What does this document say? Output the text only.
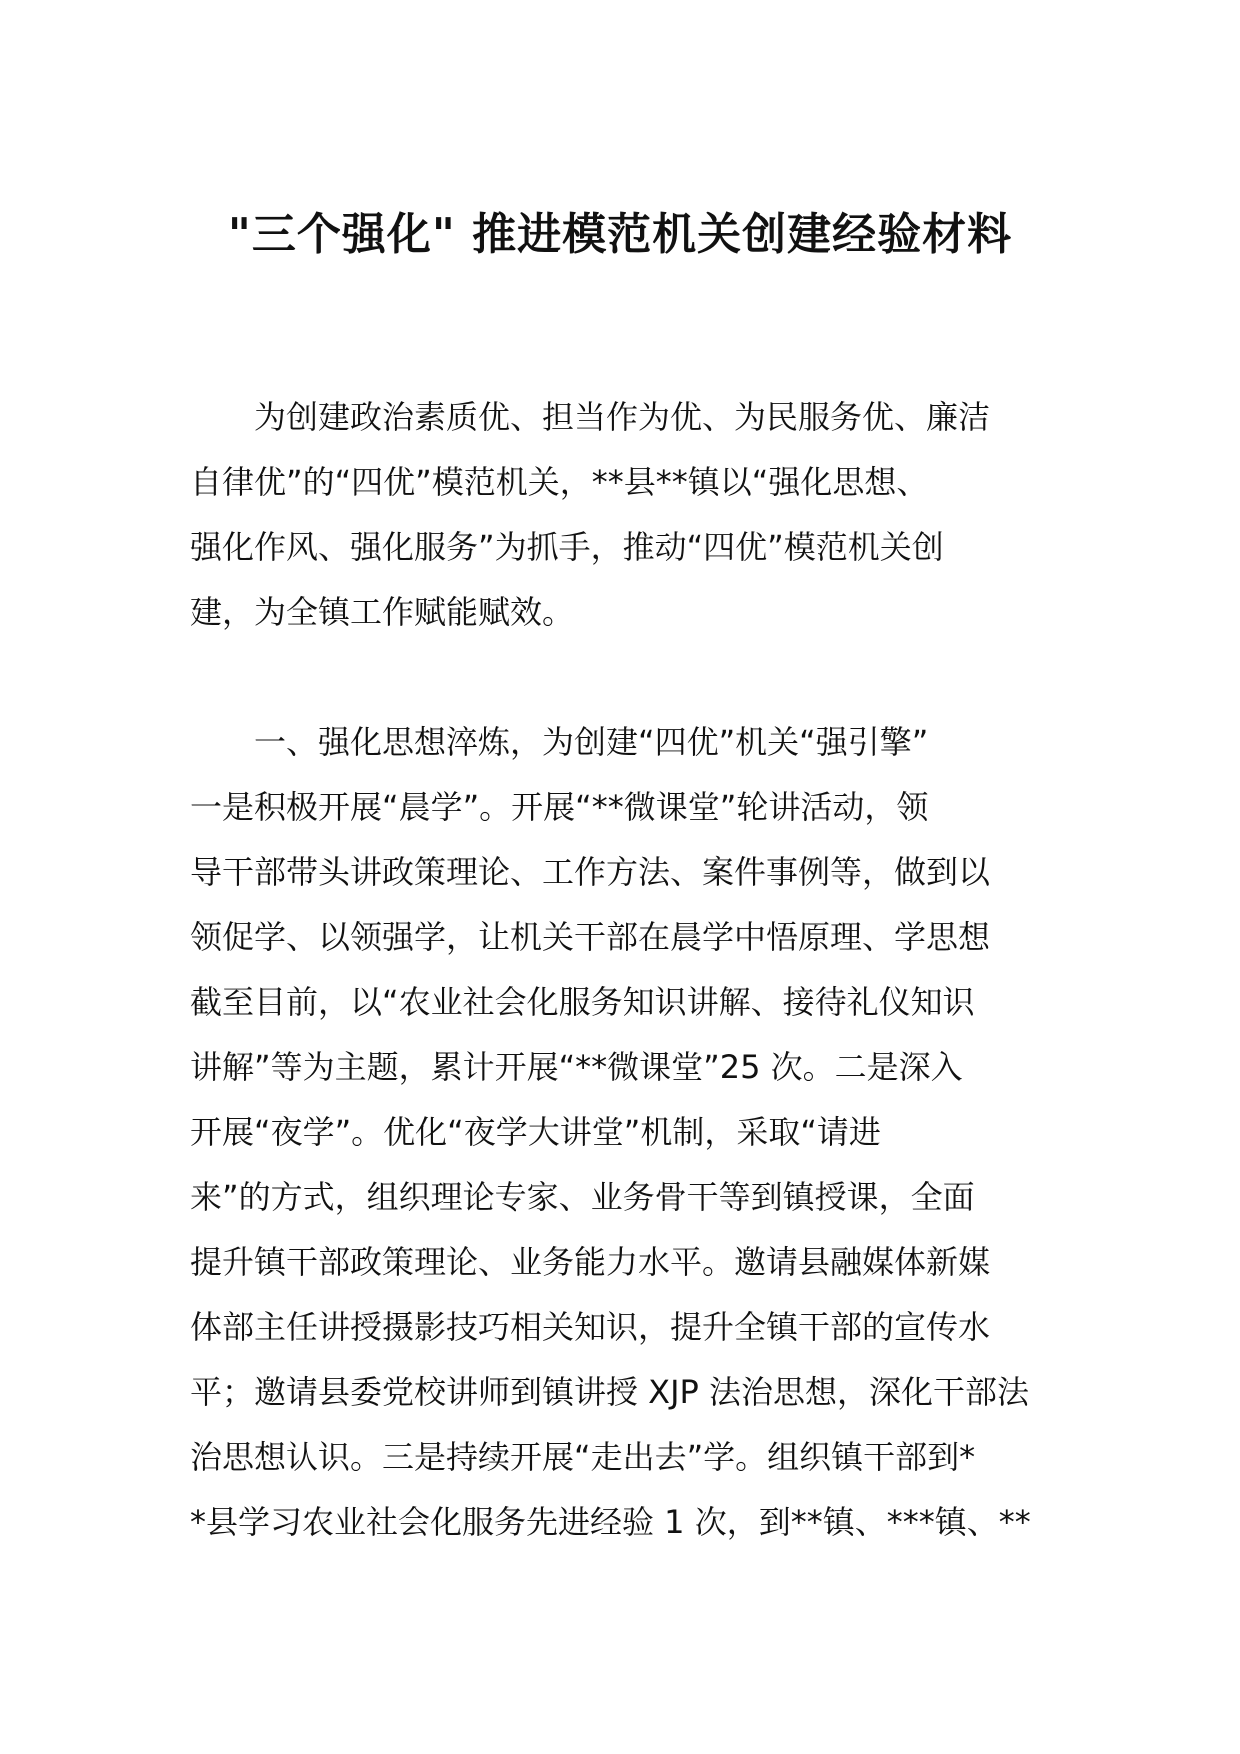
"三个强化" 推进模范机关创建经验材料
　　为创建政治素质优、担当作为优、为民服务优、廉洁
自律优”的“四优”模范机关，**县**镇以“强化思想、
强化作风、强化服务”为抓手，推动“四优”模范机关创
建，为全镇工作赋能赋效。
　　一、强化思想淬炼，为创建“四优”机关“强引擎”
一是积极开展“晨学”。开展“**微课堂”轮讲活动，领
导干部带头讲政策理论、工作方法、案件事例等，做到以
领促学、以领强学，让机关干部在晨学中悟原理、学思想
截至目前，以“农业社会化服务知识讲解、接待礼仪知识
讲解”等为主题，累计开展“**微课堂”25 次。二是深入
开展“夜学”。优化“夜学大讲堂”机制，采取“请进
来”的方式，组织理论专家、业务骨干等到镇授课，全面
提升镇干部政策理论、业务能力水平。邀请县融媒体新媒
体部主任讲授摄影技巧相关知识，提升全镇干部的宣传水
平；邀请县委党校讲师到镇讲授 XJP 法治思想，深化干部法
治思想认识。三是持续开展“走出去”学。组织镇干部到*
*县学习农业社会化服务先进经验 1 次，到**镇、***镇、**
